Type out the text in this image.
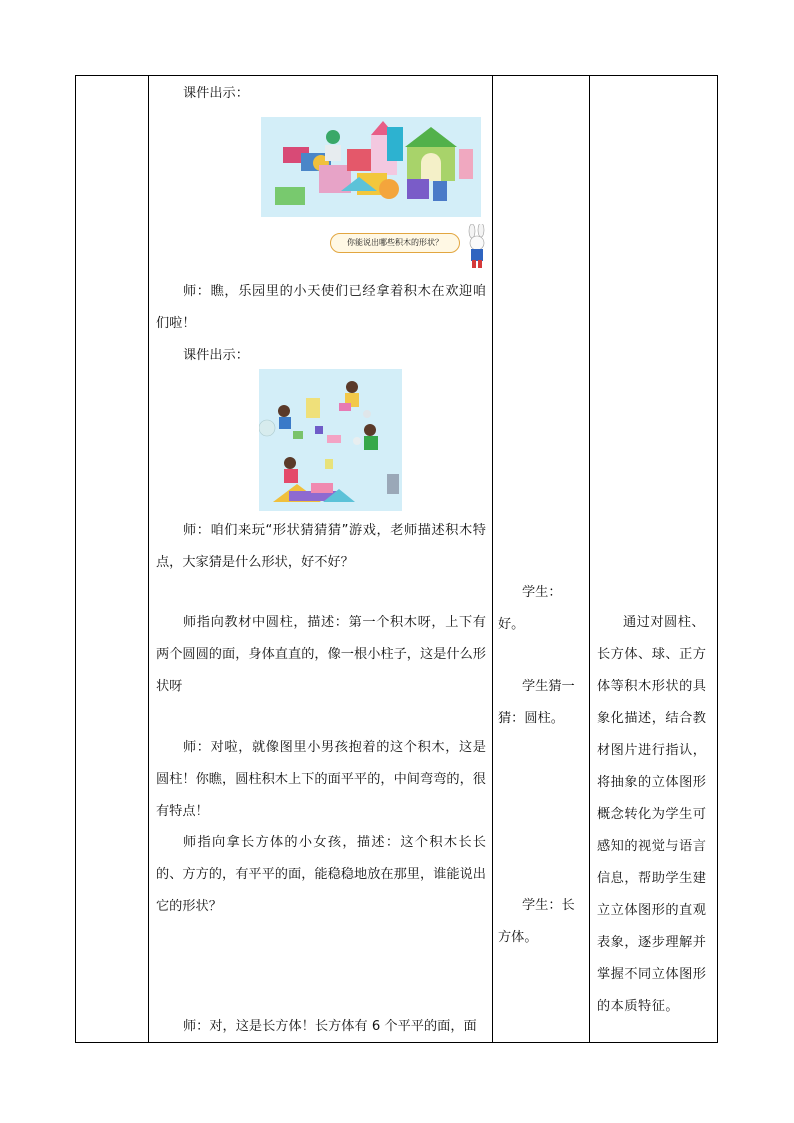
课件出示：

你能说出哪些积木的形状？

师：瞧，乐园里的小天使们已经拿着积木在欢迎咱们啦！

课件出示：

师：咱们来玩“形状猜猜猜”游戏，老师描述积木特点，大家猜是什么形状，好不好？

师指向教材中圆柱，描述：第一个积木呀，上下有两个圆圆的面，身体直直的，像一根小柱子，这是什么形状呀

师：对啦，就像图里小男孩抱着的这个积木，这是圆柱！你瞧，圆柱积木上下的面平平的，中间弯弯的，很有特点！

师指向拿长方体的小女孩，描述：这个积木长长的、方方的，有平平的面，能稳稳地放在那里，谁能说出它的形状？

师：对，这是长方体！长方体有 6 个平平的面，面

学生：好。

学生猜一猜：圆柱。

学生：长方体。

通过对圆柱、长方体、球、正方体等积木形状的具象化描述，结合教材图片进行指认，将抽象的立体图形概念转化为学生可感知的视觉与语言信息，帮助学生建立立体图形的直观表象，逐步理解并掌握不同立体图形的本质特征。
